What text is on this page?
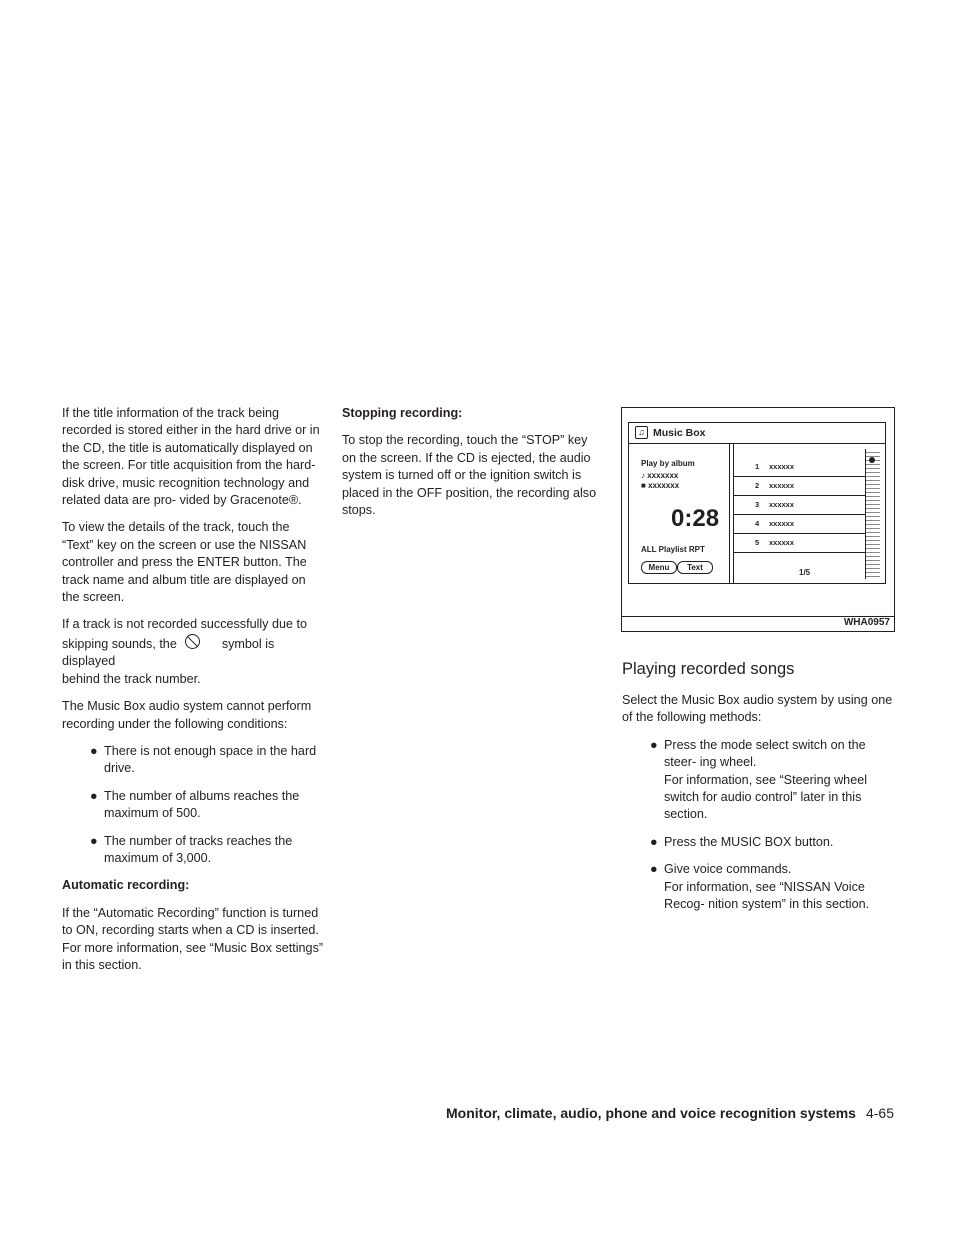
If the title information of the track being recorded is stored either in the hard drive or in the CD, the title is automatically displayed on the screen. For title acquisition from the hard-disk drive, music recognition technology and related data are pro- vided by Gracenote®.

To view the details of the track, touch the “Text” key on the screen or use the NISSAN controller and press the ENTER button. The track name and album title are displayed on the screen.

If a track is not recorded successfully due to
skipping sounds, the	symbol is displayed
behind the track number.

The Music Box audio system cannot perform recording under the following conditions:

● There is not enough space in the hard drive.
● The number of albums reaches the maximum of 500.
● The number of tracks reaches the maximum of 3,000.
Automatic recording:

If the “Automatic Recording” function is turned to ON, recording starts when a CD is inserted. For more information, see “Music Box settings” in this section.

Stopping recording:

To stop the recording, touch the “STOP” key on the screen. If the CD is ejected, the audio system is turned off or the ignition switch is placed in the OFF position, the recording also stops.

♫ Music Box
Play by album
♪ xxxxxxx
■ xxxxxxx
0:28
ALL Playlist RPT
Menu	Text
1 xxxxxx
2 xxxxxx
3 xxxxxx
4 xxxxxx
5 xxxxxx
1/5
WHA0957
Playing recorded songs

Select the Music Box audio system by using one of the following methods:

● Press the mode select switch on the steer- ing wheel.
For information, see “Steering wheel switch for audio control” later in this section.
● Press the MUSIC BOX button.
● Give voice commands.
For information, see “NISSAN Voice Recog- nition system” in this section.
Monitor, climate, audio, phone and voice recognition systems 4-65
